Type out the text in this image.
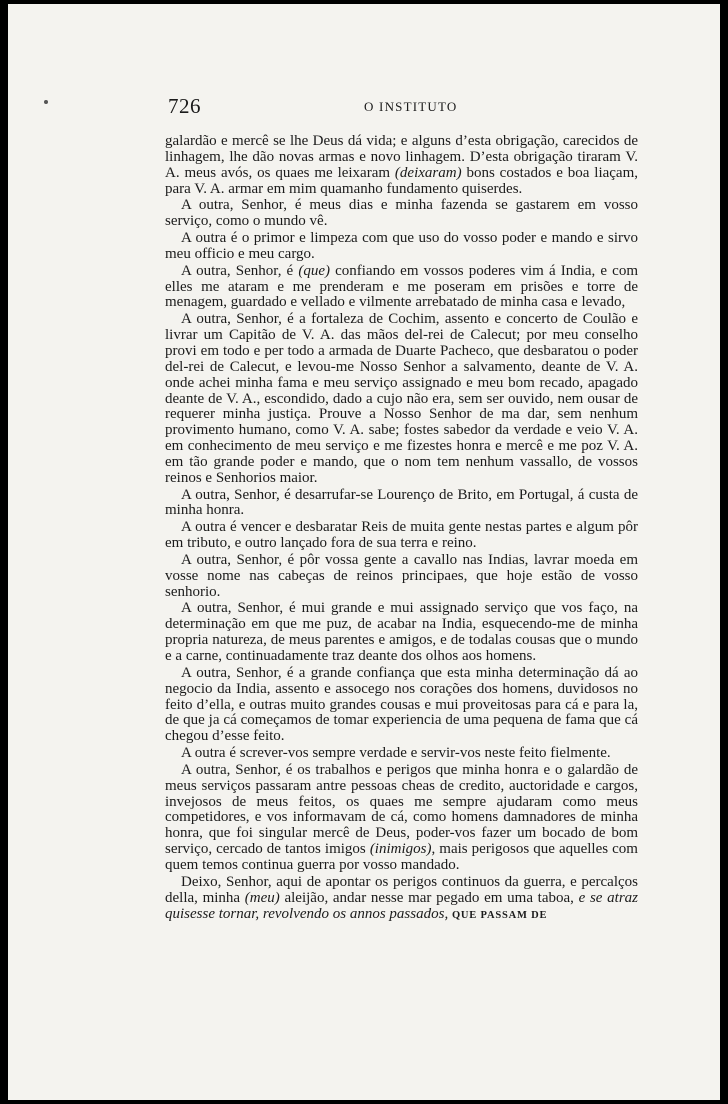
726	O INSTITUTO

galardão e mercê se lhe Deus dá vida; e alguns d’esta obrigação, carecidos de linhagem, lhe dão novas armas e novo linhagem. D’esta obrigação tiraram V. A. meus avós, os quaes me leixaram (deixaram) bons costados e boa liaçam, para V. A. armar em mim quamanho fundamento quiserdes.

A outra, Senhor, é meus dias e minha fazenda se gastarem em vosso serviço, como o mundo vê.

A outra é o primor e limpeza com que uso do vosso poder e mando e sirvo meu officio e meu cargo.

A outra, Senhor, é (que) confiando em vossos poderes vim á India, e com elles me ataram e me prenderam e me poseram em prisões e torre de menagem, guardado e vellado e vilmente arrebatado de minha casa e levado,

A outra, Senhor, é a fortaleza de Cochim, assento e concerto de Coulão e livrar um Capitão de V. A. das mãos del-rei de Calecut; por meu conselho provi em todo e per todo a armada de Duarte Pacheco, que desbaratou o poder del-rei de Calecut, e levou-me Nosso Senhor a salvamento, deante de V. A. onde achei minha fama e meu serviço assignado e meu bom recado, apagado deante de V. A., escondido, dado a cujo não era, sem ser ouvido, nem ousar de requerer minha justiça. Prouve a Nosso Senhor de ma dar, sem nenhum provimento humano, como V. A. sabe; fostes sabedor da verdade e veio V. A. em conhecimento de meu serviço e me fizestes honra e mercê e me poz V. A. em tão grande poder e mando, que o nom tem nenhum vassallo, de vossos reinos e Senhorios maior.

A outra, Senhor, é desarrufar-se Lourenço de Brito, em Portugal, á custa de minha honra.

A outra é vencer e desbaratar Reis de muita gente nestas partes e algum pôr em tributo, e outro lançado fora de sua terra e reino.

A outra, Senhor, é pôr vossa gente a cavallo nas Indias, lavrar moeda em vosse nome nas cabeças de reinos principaes, que hoje estão de vosso senhorio.

A outra, Senhor, é mui grande e mui assignado serviço que vos faço, na determinação em que me puz, de acabar na India, esquecendo-me de minha propria natureza, de meus parentes e amigos, e de todalas cousas que o mundo e a carne, continuadamente traz deante dos olhos aos homens.

A outra, Senhor, é a grande confiança que esta minha determinação dá ao negocio da India, assento e assocego nos corações dos homens, duvidosos no feito d’ella, e outras muito grandes cousas e mui proveitosas para cá e para la, de que ja cá começamos de tomar experiencia de uma pequena de fama que cá chegou d’esse feito.

A outra é screver-vos sempre verdade e servir-vos neste feito fielmente.

A outra, Senhor, é os trabalhos e perigos que minha honra e o galardão de meus serviços passaram antre pessoas cheas de credito, auctoridade e cargos, invejosos de meus feitos, os quaes me sempre ajudaram como meus competidores, e vos informavam de cá, como homens damnadores de minha honra, que foi singular mercê de Deus, poder-vos fazer um bocado de bom serviço, cercado de tantos imigos (inimigos), mais perigosos que aquelles com quem temos continua guerra por vosso mandado.

Deixo, Senhor, aqui de apontar os perigos continuos da guerra, e percalços della, minha (meu) aleijão, andar nesse mar pegado em uma taboa, e se atraz quisesse tornar, revolvendo os annos passados, QUE PASSAM DE
